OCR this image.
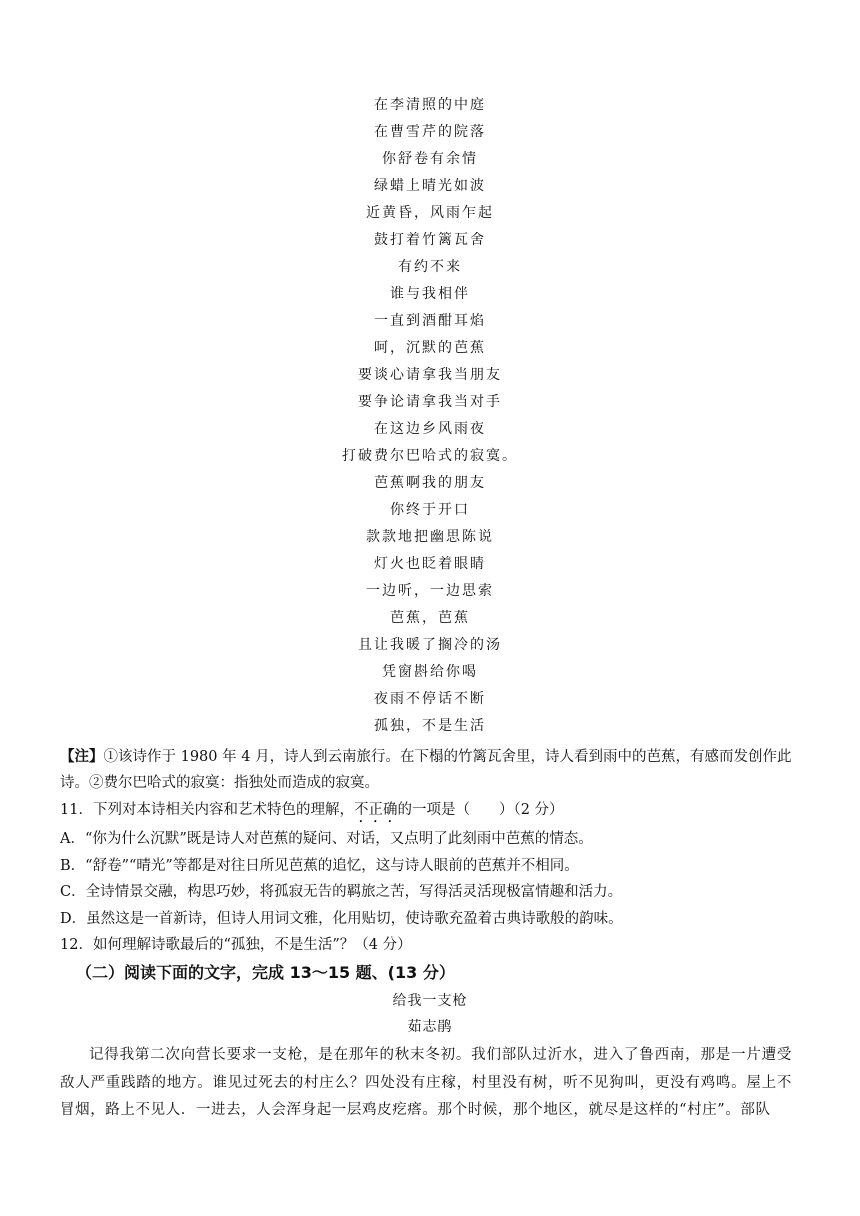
在李清照的中庭

在曹雪芹的院落

你舒卷有余情

绿蜡上晴光如波

近黄昏，风雨乍起

鼓打着竹篱瓦舍

有约不来

谁与我相伴

一直到酒酣耳焰

呵，沉默的芭蕉

要谈心请拿我当朋友

要争论请拿我当对手

在这边乡风雨夜

打破费尔巴哈式的寂寞。

芭蕉啊我的朋友

你终于开口

款款地把幽思陈说

灯火也眨着眼睛

一边听，一边思索

芭蕉，芭蕉

且让我暖了搁冷的汤

凭窗斟给你喝

夜雨不停话不断

孤独，不是生活

【注】①该诗作于 1980 年 4 月，诗人到云南旅行。在下榻的竹篱瓦舍里，诗人看到雨中的芭蕉，有感而发创作此诗。②费尔巴哈式的寂寞：指独处而造成的寂寞。

11．下列对本诗相关内容和艺术特色的理解，不正确的一项是（　　）（2 分）

A．“你为什么沉默”既是诗人对芭蕉的疑问、对话，又点明了此刻雨中芭蕉的情态。

B．“舒卷”“晴光”等都是对往日所见芭蕉的追忆，这与诗人眼前的芭蕉并不相同。

C．全诗情景交融，构思巧妙，将孤寂无告的羁旅之苦，写得活灵活现极富情趣和活力。

D．虽然这是一首新诗，但诗人用词文雅，化用贴切，使诗歌充盈着古典诗歌般的韵味。

12．如何理解诗歌最后的“孤独，不是生活”？（4 分）

（二）阅读下面的文字，完成 13～15 题、(13 分）

给我一支枪

茹志鹃

记得我第二次向营长要求一支枪，是在那年的秋末冬初。我们部队过沂水，进入了鲁西南，那是一片遭受敌人严重践踏的地方。谁见过死去的村庄么？四处没有庄稼，村里没有树，听不见狗叫，更没有鸡鸣。屋上不冒烟，路上不见人．一进去，人会浑身起一层鸡皮疙瘩。那个时候，那个地区，就尽是这样的“村庄”。部队
